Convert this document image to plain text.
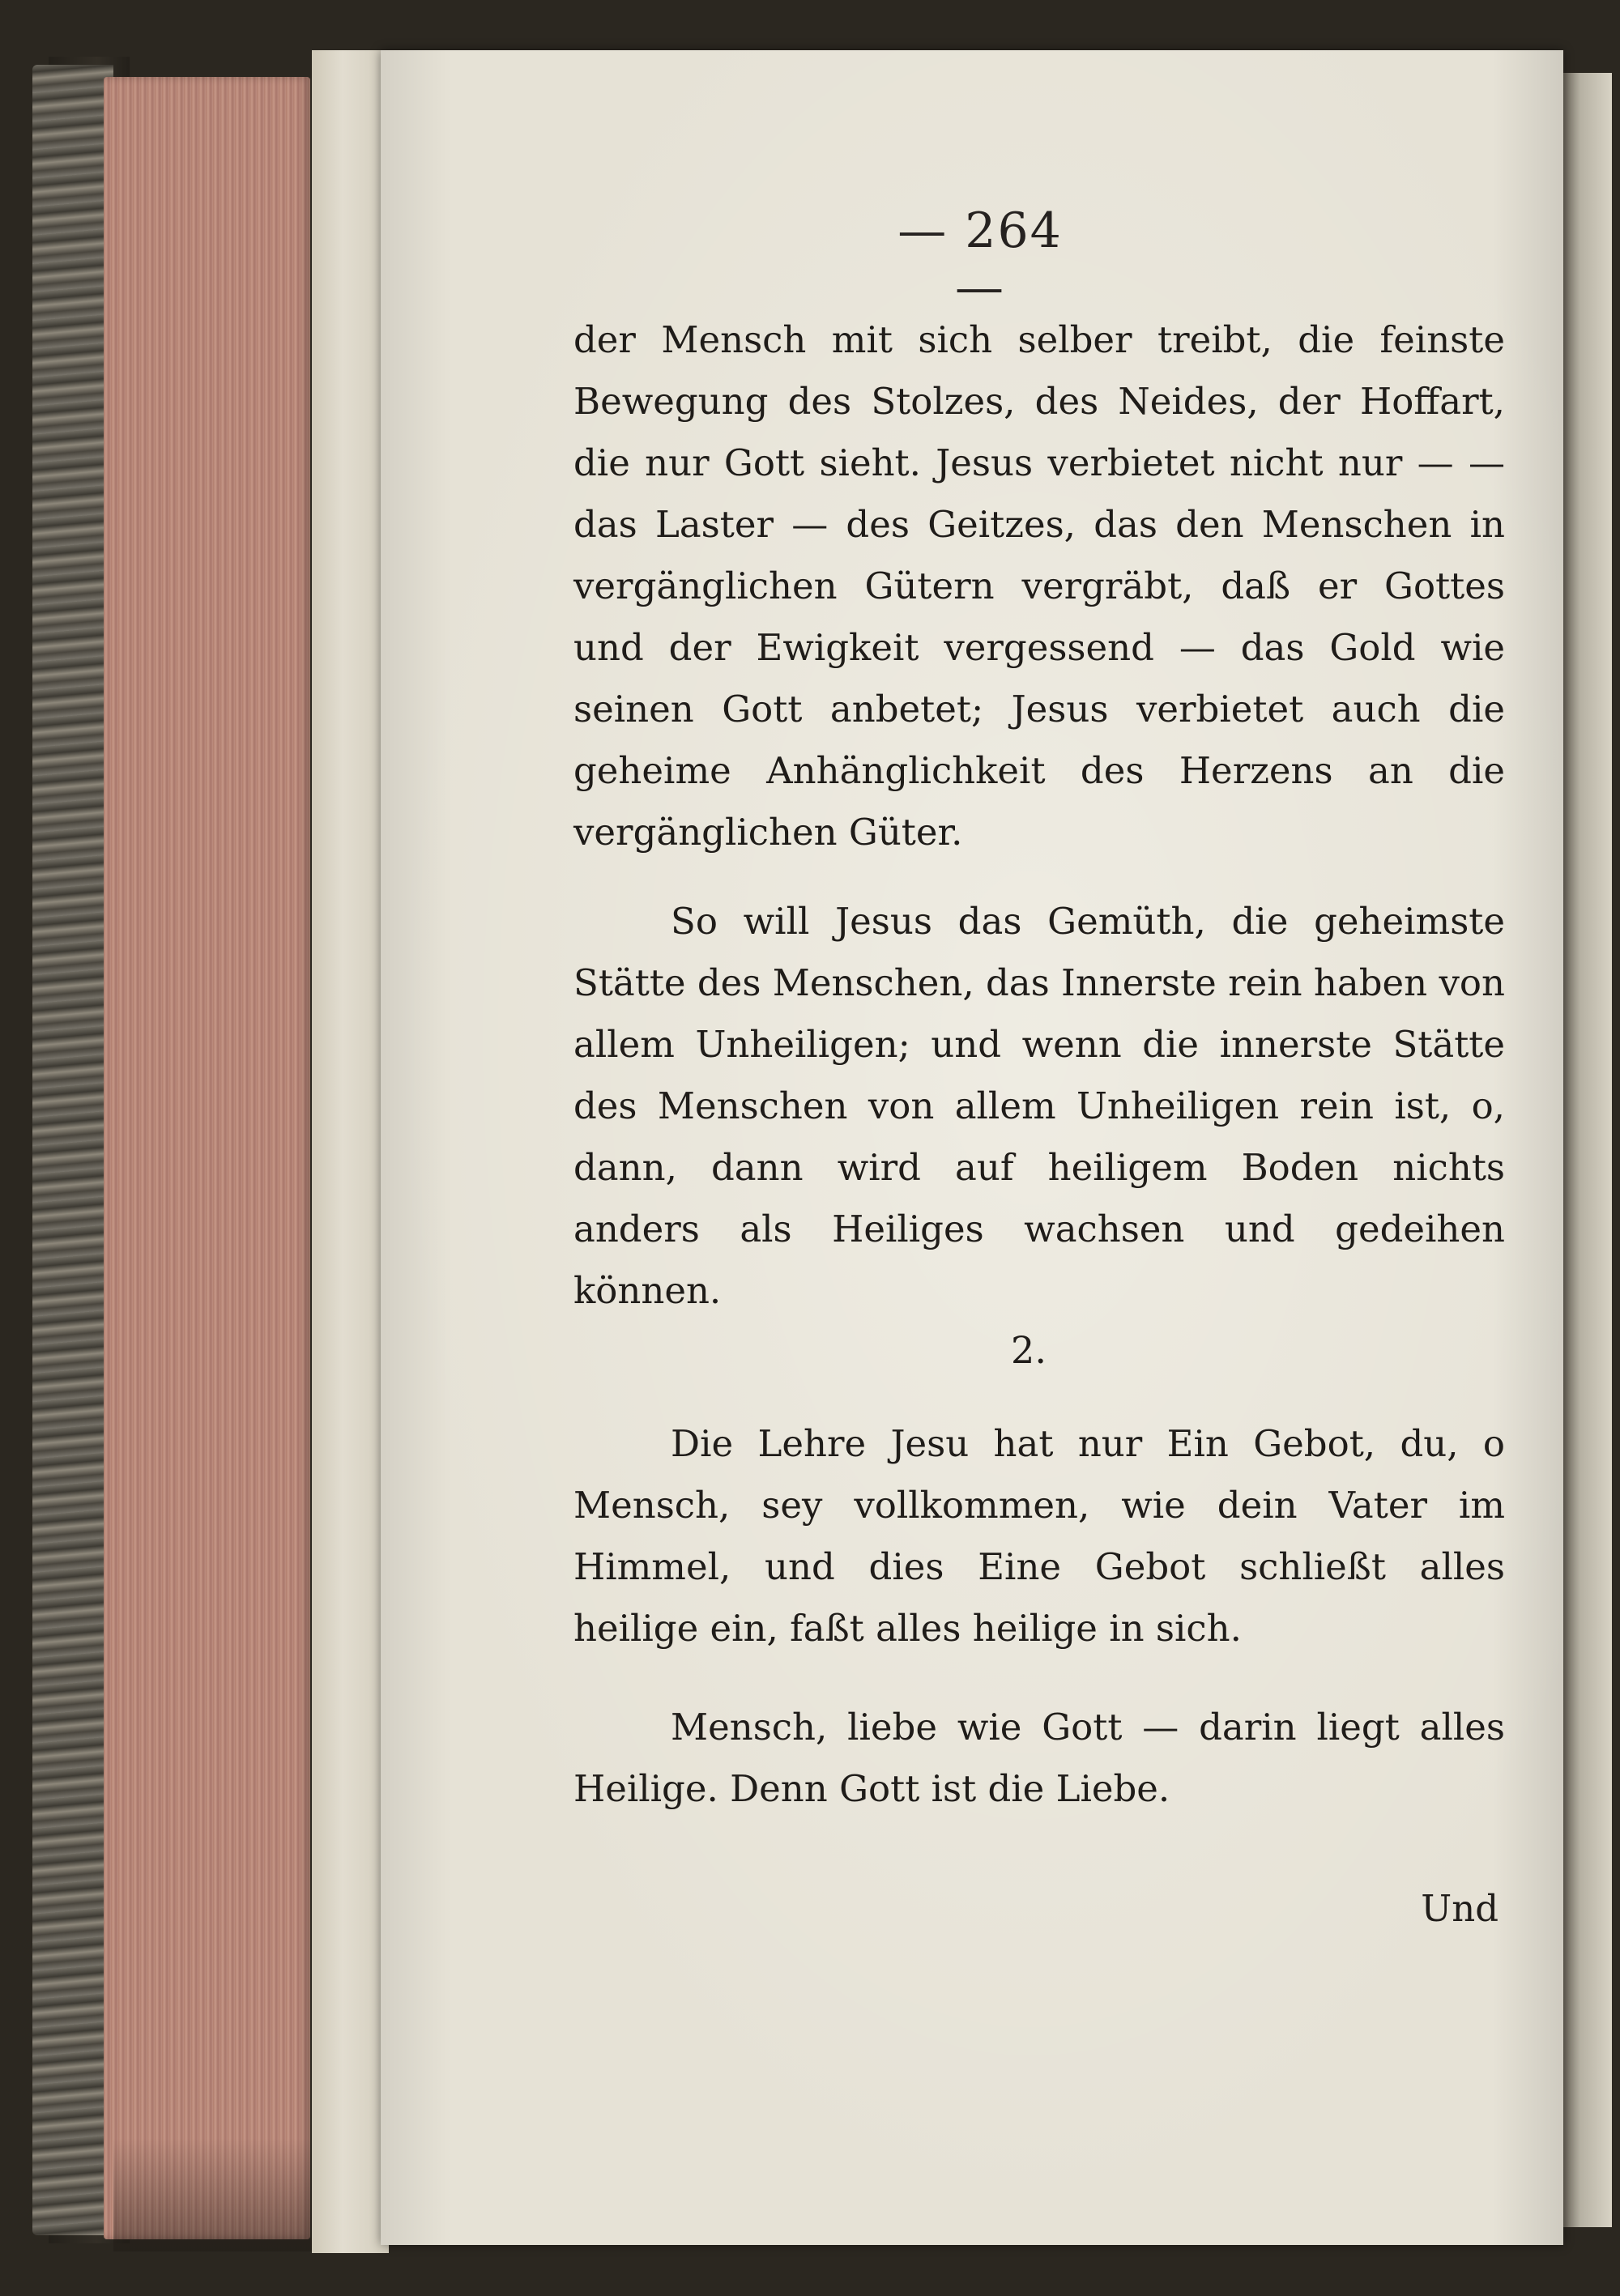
— 264 —

der Mensch mit sich selber treibt, die feinste Bewegung des Stolzes, des Neides, der Hoffart, die nur Gott sieht. Jesus verbietet nicht nur — — das Laster — des Geitzes, das den Menschen in vergänglichen Gütern vergräbt, daß er Gottes und der Ewigkeit vergessend — das Gold wie seinen Gott anbetet; Jesus verbietet auch die geheime Anhänglichkeit des Herzens an die vergänglichen Güter.

So will Jesus das Gemüth, die geheimste Stätte des Menschen, das Innerste rein haben von allem Unheiligen; und wenn die innerste Stätte des Menschen von allem Unheiligen rein ist, o, dann, dann wird auf heiligem Boden nichts anders als Heiliges wachsen und gedeihen können.

2.

Die Lehre Jesu hat nur Ein Gebot, du, o Mensch, sey vollkommen, wie dein Vater im Himmel, und dies Eine Gebot schließt alles heilige ein, faßt alles heilige in sich.

Mensch, liebe wie Gott — darin liegt alles Heilige. Denn Gott ist die Liebe.

Und
